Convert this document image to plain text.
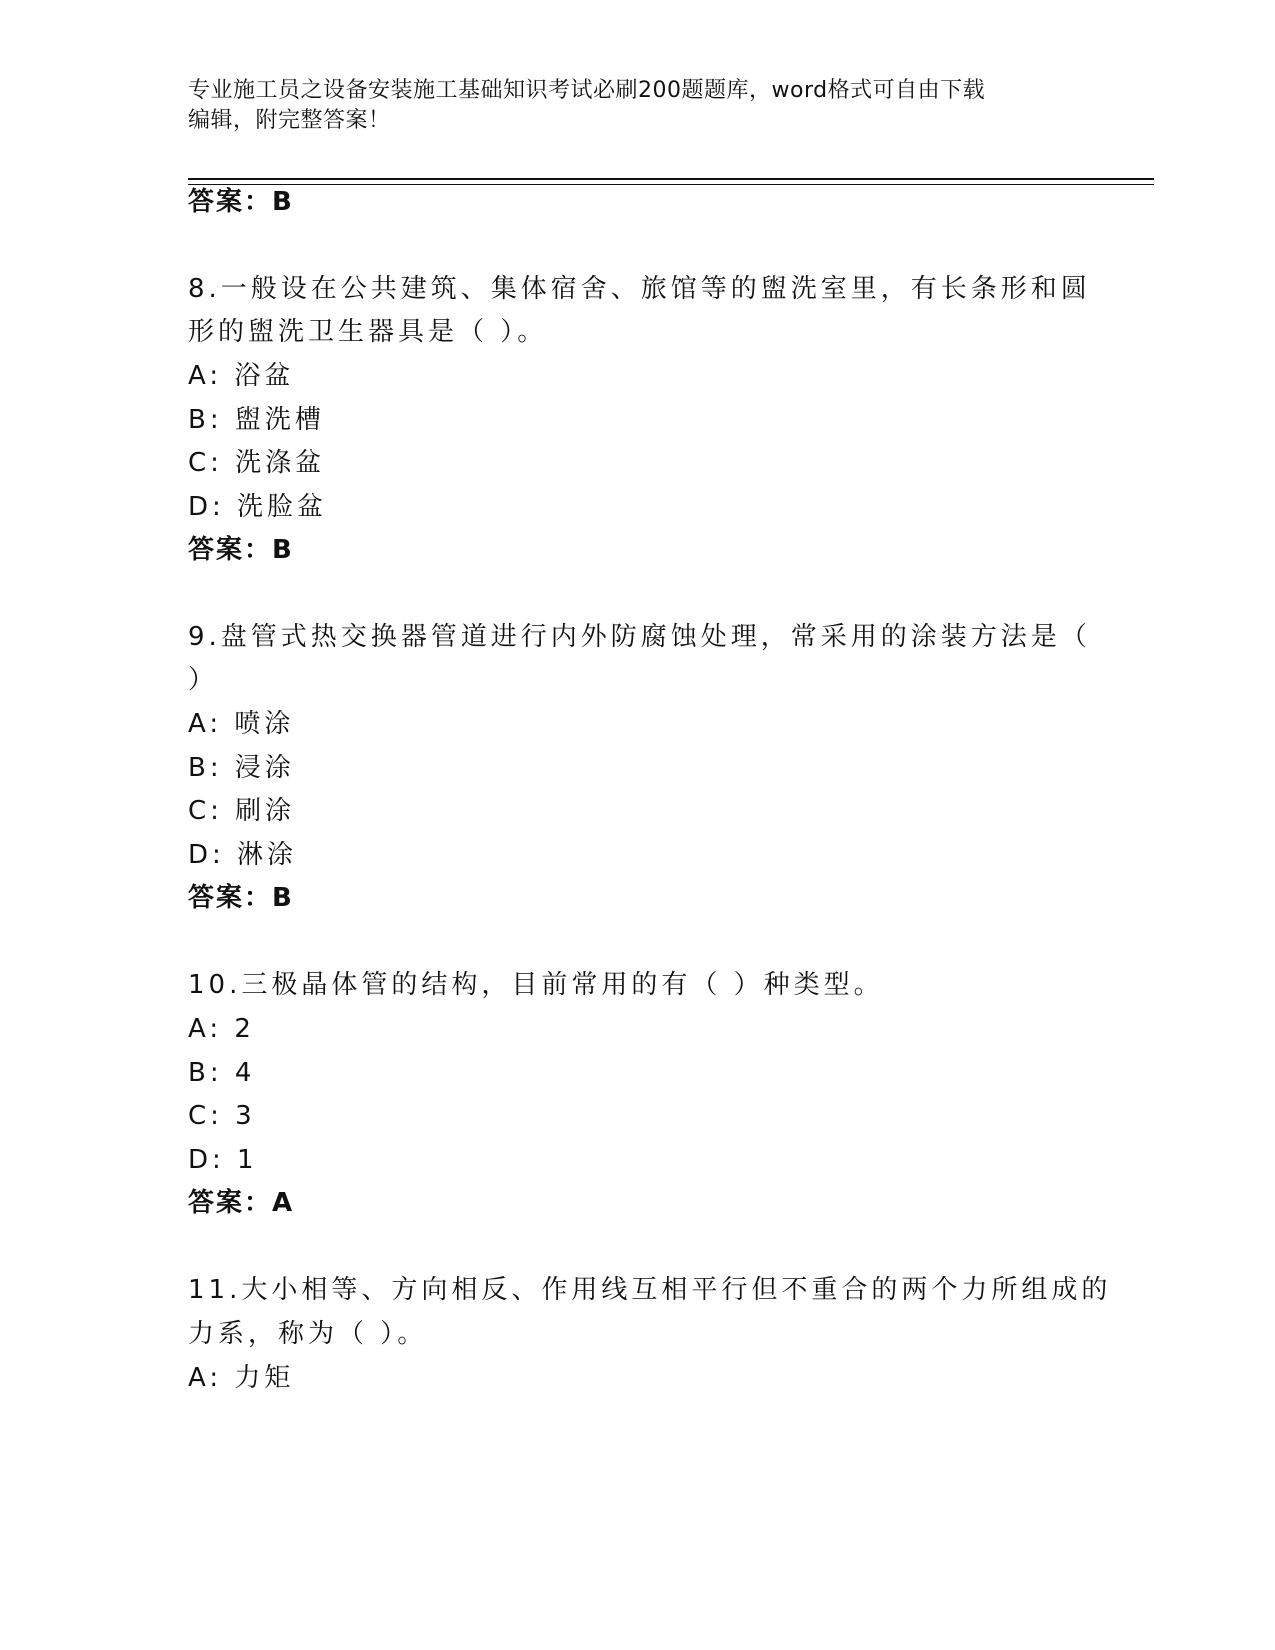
专业施工员之设备安装施工基础知识考试必刷200题题库，word格式可自由下载
编辑，附完整答案！
答案：B
8.一般设在公共建筑、集体宿舍、旅馆等的盥洗室里，有长条形和圆
形的盥洗卫生器具是（ ）。
A: 浴盆
B: 盥洗槽
C: 洗涤盆
D: 洗脸盆
答案：B
9.盘管式热交换器管道进行内外防腐蚀处理，常采用的涂装方法是（
）
A: 喷涂
B: 浸涂
C: 刷涂
D: 淋涂
答案：B
10.三极晶体管的结构，目前常用的有（ ）种类型。
A: 2
B: 4
C: 3
D: 1
答案：A
11.大小相等、方向相反、作用线互相平行但不重合的两个力所组成的
力系，称为（ ）。
A: 力矩
